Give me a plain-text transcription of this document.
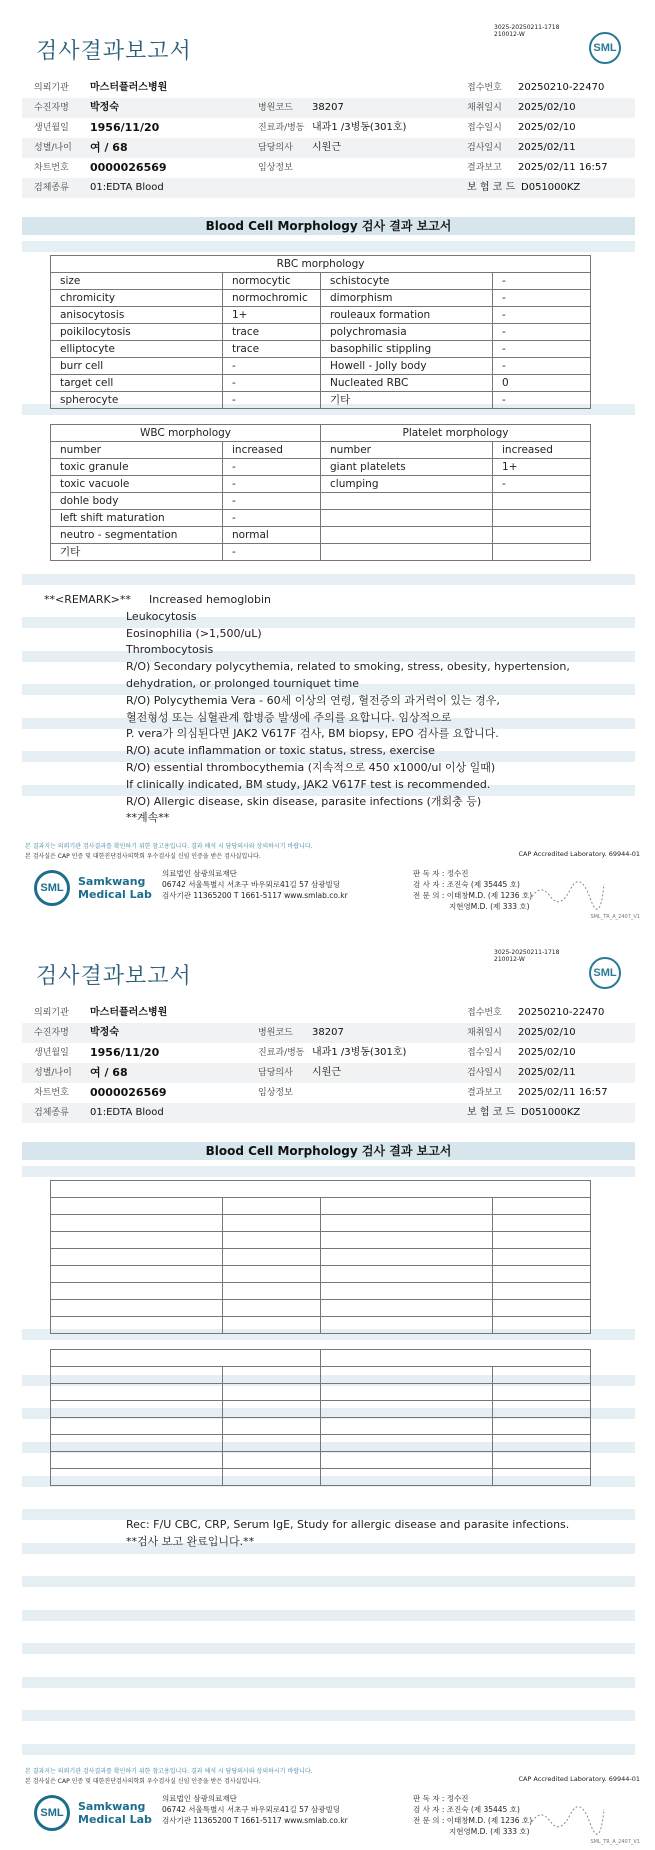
3025-20250211-1718
210012-W
검사결과보고서	SML
의뢰기관 마스터플러스병원	접수번호 20250210-22470
수진자명 박정숙	병원코드 38207	채취일시 2025/02/10
생년월일 1956/11/20	진료과/병동 내과1 /3병동(301호)	접수일시 2025/02/10
성별/나이 여 / 68	담당의사 시원근	검사일시 2025/02/11
차트번호 0000026569	임상정보	결과보고 2025/02/11 16:57
검체종류 01:EDTA Blood	보 험 코 드 D051000KZ
Blood Cell Morphology 검사 결과 보고서
RBC morphology			
size	normocytic	schistocyte	-
chromicity	normochromic	dimorphism	-
anisocytosis	1+	rouleaux formation	-
poikilocytosis	trace	polychromasia	-
elliptocyte	trace	basophilic stippling	-
burr cell	-	Howell - Jolly body	-
target cell	-	Nucleated RBC	0
spherocyte	-	기타	-
WBC morphology		Platelet morphology	
number	increased	number	increased
toxic granule	-	giant platelets	1+
toxic vacuole	-	clumping	-
dohle body	-		
left shift maturation	-		
neutro - segmentation	normal		
기타	-		
**<REMARK>** Increased hemoglobin
Leukocytosis
Eosinophilia (>1,500/uL)
Thrombocytosis
R/O) Secondary polycythemia, related to smoking, stress, obesity, hypertension,
dehydration, or prolonged tourniquet time
R/O) Polycythemia Vera - 60세 이상의 연령, 혈전증의 과거력이 있는 경우,
혈전형성 또는 심혈관계 합병증 발생에 주의를 요합니다. 임상적으로
P. vera가 의심된다면 JAK2 V617F 검사, BM biopsy, EPO 검사를 요합니다.
R/O) acute inflammation or toxic status, stress, exercise
R/O) essential thrombocythemia (지속적으로 450 x1000/ul 이상 일때)
If clinically indicated, BM study, JAK2 V617F test is recommended.
R/O) Allergic disease, skin disease, parasite infections (개회충 등)
**계속**
본 결과지는 의뢰기관 검사결과를 확인하기 위한 참고용입니다. 결과 해석 시 담당의사와 상의하시기 바랍니다.
본 검사실은 CAP 인증 및 대한진단검사의학회 우수검사실 신임 인증을 받은 검사실입니다.	CAP Accredited Laboratory. 69944-01
SML	Samkwang
Medical Lab
의료법인 삼광의료재단
06742 서울특별시 서초구 바우뫼로41길 57 삼광빌딩
검사기관 11365200 T 1661-5117 www.smlab.co.kr
판 독 자 : 정수진
검 사 자 : 조진숙 (제 35445 호)
전 문 의 : 이태창M.D. (제 1236 호)
지현영M.D. (제 333 호)
SML_TR_A_2407_V1
3025-20250211-1718
210012-W
검사결과보고서	SML
의뢰기관 마스터플러스병원	접수번호 20250210-22470
수진자명 박정숙	병원코드 38207	채취일시 2025/02/10
생년월일 1956/11/20	진료과/병동 내과1 /3병동(301호)	접수일시 2025/02/10
성별/나이 여 / 68	담당의사 시원근	검사일시 2025/02/11
차트번호 0000026569	임상정보	결과보고 2025/02/11 16:57
검체종류 01:EDTA Blood	보 험 코 드 D051000KZ
Blood Cell Morphology 검사 결과 보고서

Rec: F/U CBC, CRP, Serum IgE, Study for allergic disease and parasite infections.
**검사 보고 완료입니다.**
본 결과지는 의뢰기관 검사결과를 확인하기 위한 참고용입니다. 결과 해석 시 담당의사와 상의하시기 바랍니다.
본 검사실은 CAP 인증 및 대한진단검사의학회 우수검사실 신임 인증을 받은 검사실입니다.	CAP Accredited Laboratory. 69944-01
SML	Samkwang
Medical Lab
의료법인 삼광의료재단
06742 서울특별시 서초구 바우뫼로41길 57 삼광빌딩
검사기관 11365200 T 1661-5117 www.smlab.co.kr
판 독 자 : 정수진
검 사 자 : 조진숙 (제 35445 호)
전 문 의 : 이태창M.D. (제 1236 호)
지현영M.D. (제 333 호)
SML_TR_A_2407_V1
